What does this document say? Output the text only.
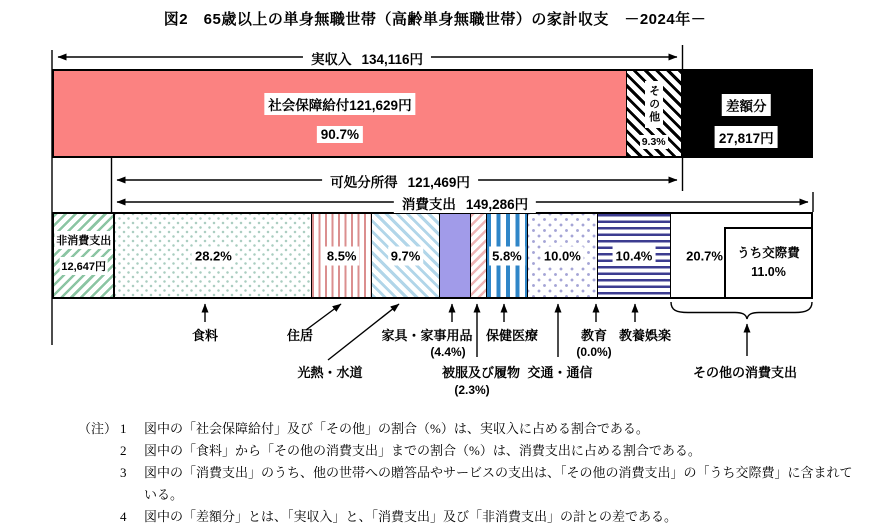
図2　65歳以上の単身無職世帯（高齢単身無職世帯）の家計収支　－2024年－
社会保障給付121,629円
90.7%
その他
9.3%
差額分
27,817円
非消費支出
12,647円
28.2%	8.5%	9.7%	5.8% 10.0%	10.4%	20.7% うち交際費
11.0%
実収入 134,116円
可処分所得 121,469円
消費支出 149,286円
食料	住居
光熱・水道
家具・家事用品
(4.4%)
被服及び履物
(2.3%)
保健医療
交通・通信
教育
(0.0%)
教養娯楽
その他の消費支出
（注） 1	図中の「社会保障給付」及び「その他」の割合（%）は、実収入に占める割合である。
2	図中の「食料」から「その他の消費支出」までの割合（%）は、消費支出に占める割合である。
3	図中の「消費支出」のうち、他の世帯への贈答品やサービスの支出は、「その他の消費支出」の「うち交際費」に含まれている。
4	図中の「差額分」とは、「実収入」と、「消費支出」及び「非消費支出」の計との差である。
